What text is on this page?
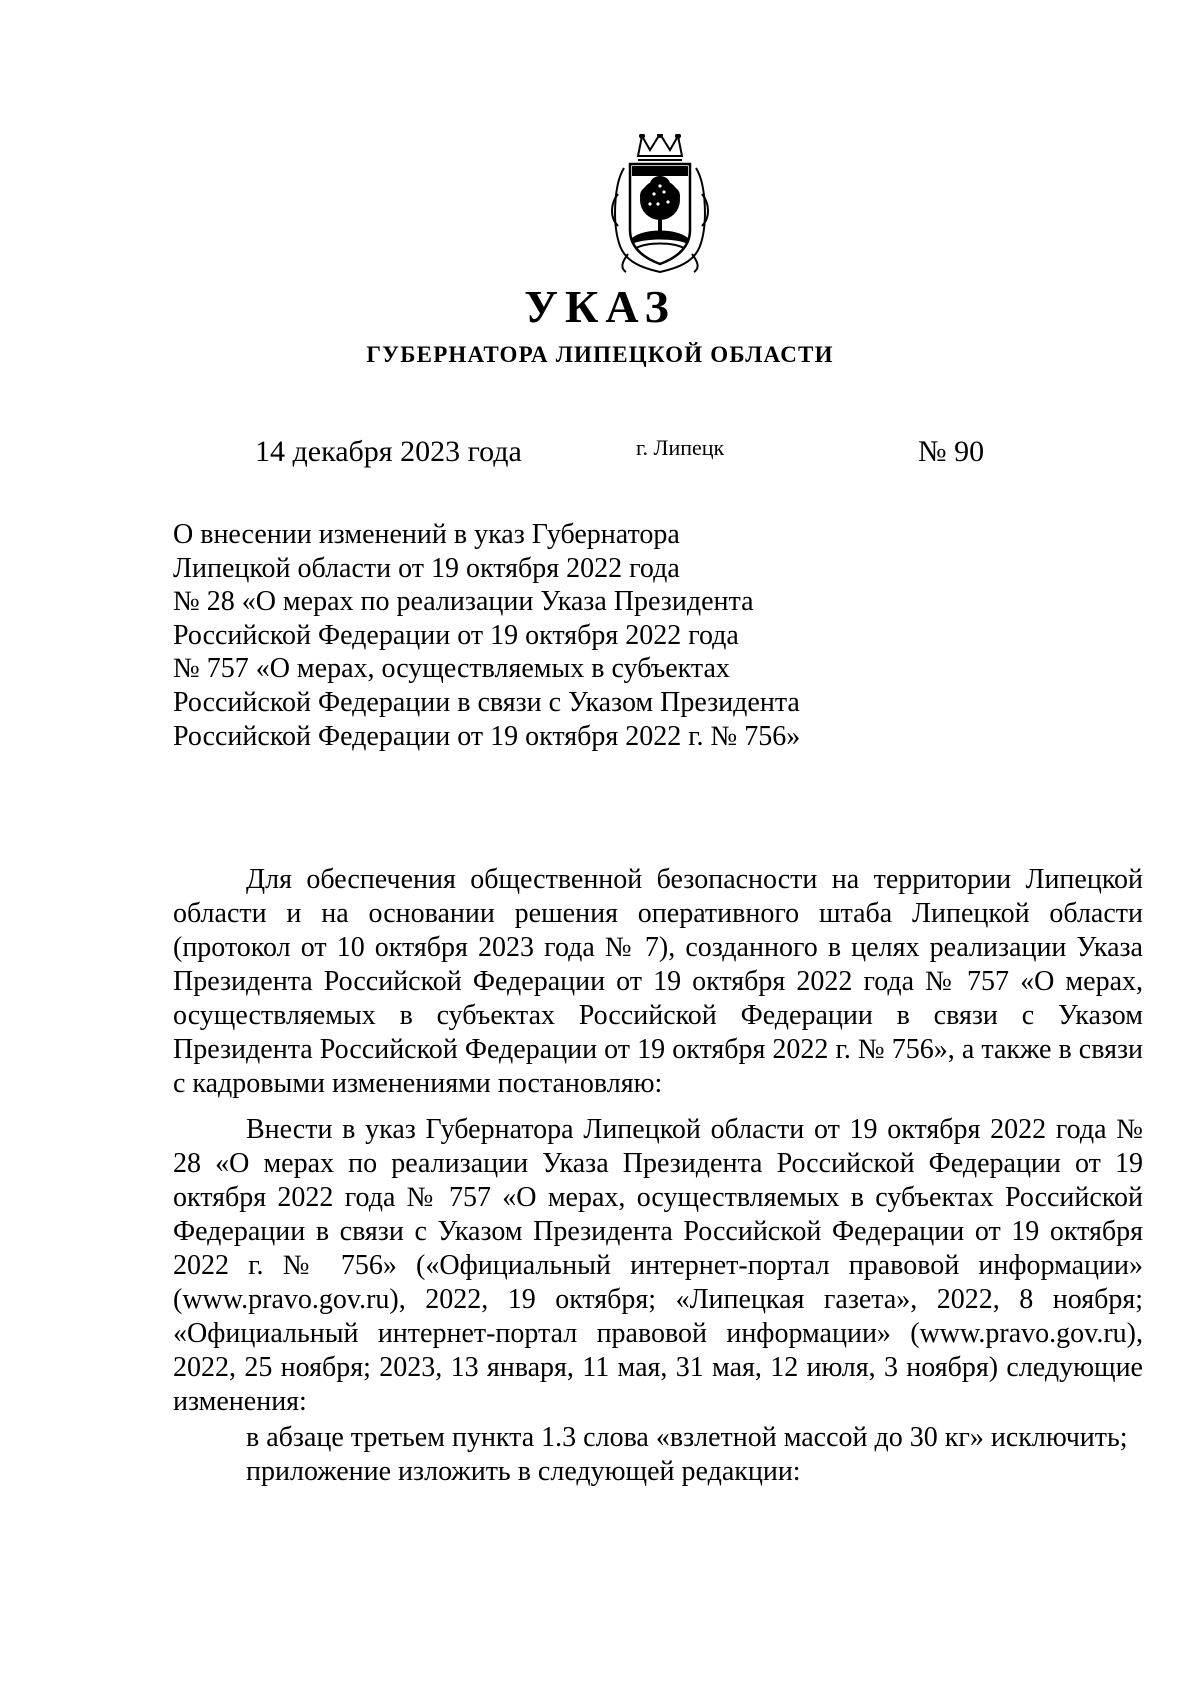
УКАЗ
ГУБЕРНАТОРА ЛИПЕЦКОЙ ОБЛАСТИ
14 декабря 2023 года	г. Липецк	№ 90
О внесении изменений в указ Губернатора
Липецкой области от 19 октября 2022 года
№ 28 «О мерах по реализации Указа Президента
Российской Федерации от 19 октября 2022 года
№ 757 «О мерах, осуществляемых в субъектах
Российской Федерации в связи с Указом Президента
Российской Федерации от 19 октября 2022 г. № 756»

Для обеспечения общественной безопасности на территории Липецкой области и на основании решения оперативного штаба Липецкой области (протокол от 10 октября 2023 года № 7), созданного в целях реализации Указа Президента Российской Федерации от 19 октября 2022 года № 757 «О мерах, осуществляемых в субъектах Российской Федерации в связи с Указом Президента Российской Федерации от 19 октября 2022 г. № 756», а также в связи с кадровыми изменениями постановляю:

Внести в указ Губернатора Липецкой области от 19 октября 2022 года № 28 «О мерах по реализации Указа Президента Российской Федерации от 19 октября 2022 года № 757 «О мерах, осуществляемых в субъектах Российской Федерации в связи с Указом Президента Российской Федерации от 19 октября 2022 г. № 756» («Официальный интернет-портал правовой информации» (www.pravo.gov.ru), 2022, 19 октября; «Липецкая газета», 2022, 8 ноября; «Официальный интернет-портал правовой информации» (www.pravo.gov.ru), 2022, 25 ноября; 2023, 13 января, 11 мая, 31 мая, 12 июля, 3 ноября) следующие изменения:

в абзаце третьем пункта 1.3 слова «взлетной массой до 30 кг» исключить;

приложение изложить в следующей редакции:
